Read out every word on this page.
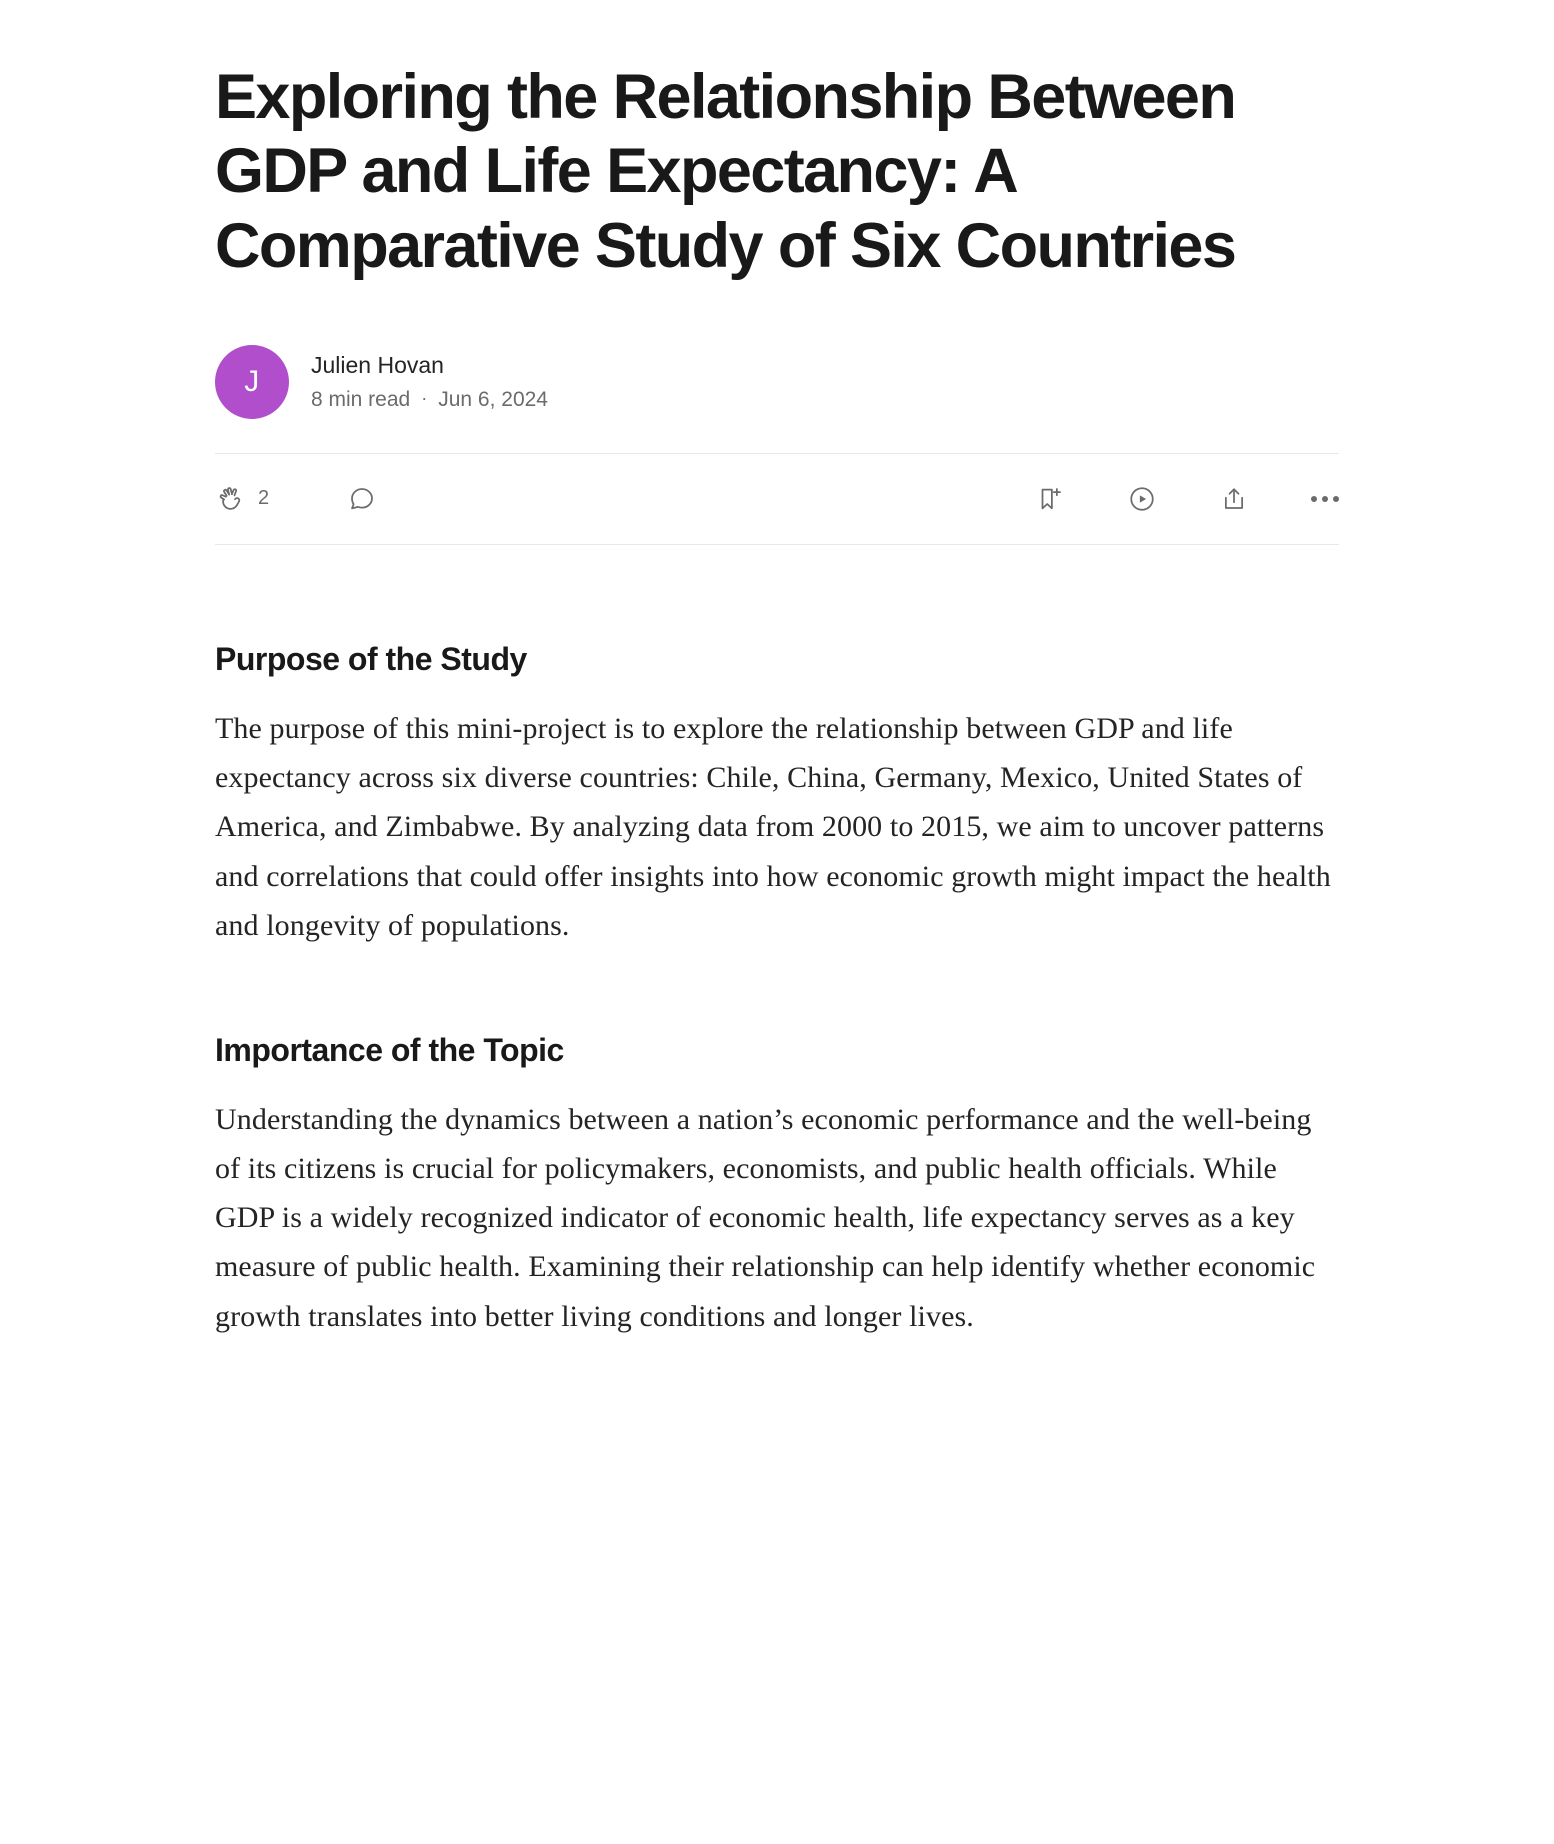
Exploring the Relationship Between GDP and Life Expectancy: A Comparative Study of Six Countries
J	Julien Hovan
8 min read · Jun 6, 2024
2
Purpose of the Study

The purpose of this mini-project is to explore the relationship between GDP and life expectancy across six diverse countries: Chile, China, Germany, Mexico, United States of America, and Zimbabwe. By analyzing data from 2000 to 2015, we aim to uncover patterns and correlations that could offer insights into how economic growth might impact the health and longevity of populations.

Importance of the Topic

Understanding the dynamics between a nation’s economic performance and the well-being of its citizens is crucial for policymakers, economists, and public health officials. While GDP is a widely recognized indicator of economic health, life expectancy serves as a key measure of public health. Examining their relationship can help identify whether economic growth translates into better living conditions and longer lives.
